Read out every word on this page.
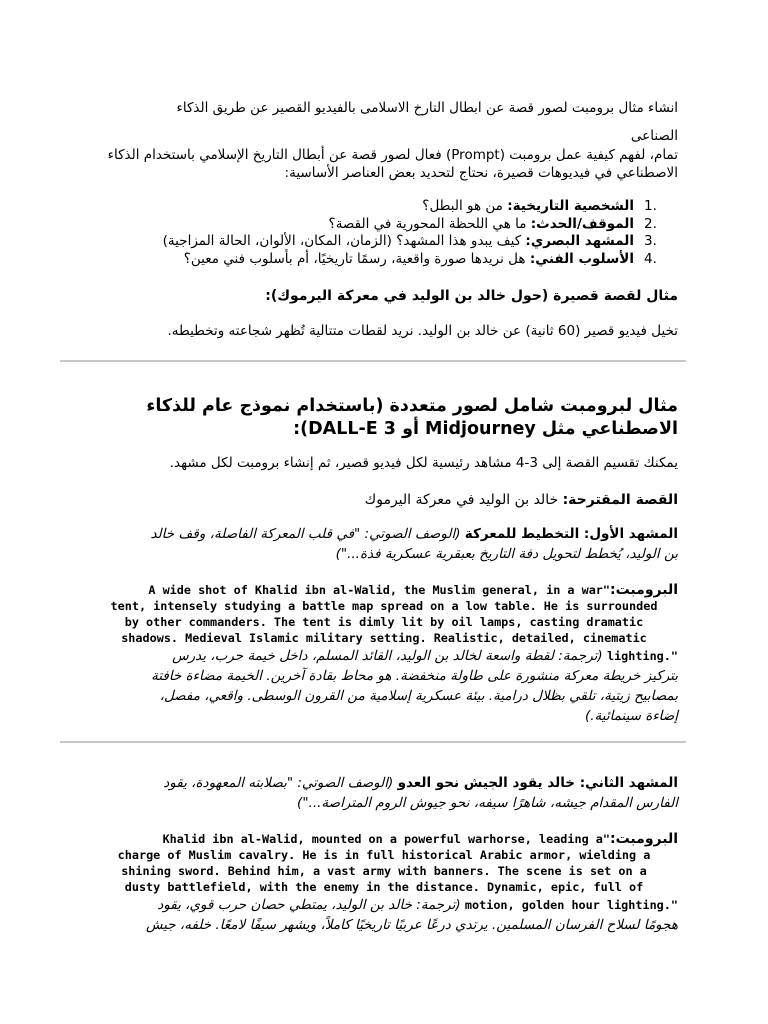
انشاء مثال برومبت لصور قصة عن ابطال التارخ الاسلامى بالفيديو القصير عن طريق الذكاء

الصناعى

تمام، لفهم كيفية عمل برومبت (Prompt) فعال لصور قصة عن أبطال التاريخ الإسلامي باستخدام الذكاء الاصطناعي في فيديوهات قصيرة، نحتاج لتحديد بعض العناصر الأساسية:

.1
الشخصية التاريخية: من هو البطل؟
.2
الموقف/الحدث: ما هي اللحظة المحورية في القصة؟
.3
المشهد البصري: كيف يبدو هذا المشهد؟ (الزمان، المكان، الألوان، الحالة المزاجية)
.4
الأسلوب الفني: هل نريدها صورة واقعية، رسمًا تاريخيًا، أم بأسلوب فني معين؟

مثال لقصة قصيرة (حول خالد بن الوليد في معركة اليرموك):

تخيل فيديو قصير (60 ثانية) عن خالد بن الوليد. نريد لقطات متتالية تُظهر شجاعته وتخطيطه.

مثال لبرومبت شامل لصور متعددة (باستخدام نموذج عام للذكاء

الاصطناعي مثل Midjourney أو DALL-E 3):

يمكنك تقسيم القصة إلى 3-4 مشاهد رئيسية لكل فيديو قصير، ثم إنشاء برومبت لكل مشهد.

القصة المقترحة: خالد بن الوليد في معركة اليرموك

المشهد الأول: التخطيط للمعركة (الوصف الصوتي: "في قلب المعركة الفاصلة، وقف خالد

بن الوليد، يُخطط لتحويل دفة التاريخ بعبقرية عسكرية فذة...")

البرومبت:A wide shot of Khalid ibn al-Walid, the Muslim general, in a war"

tent, intensely studying a battle map spread on a low table. He is surrounded

by other commanders. The tent is dimly lit by oil lamps, casting dramatic

shadows. Medieval Islamic military setting. Realistic, detailed, cinematic

lighting." (ترجمة: لقطة واسعة لخالد بن الوليد، القائد المسلم، داخل خيمة حرب، يدرس

بتركيز خريطة معركة منشورة على طاولة منخفضة. هو محاط بقادة آخرين. الخيمة مضاءة خافتة

بمصابيح زيتية، تلقي بظلال درامية. بيئة عسكرية إسلامية من القرون الوسطى. واقعي، مفصل،

إضاءة سينمائية.)

المشهد الثاني: خالد يقود الجيش نحو العدو (الوصف الصوتي: "بصلابته المعهودة، يقود

الفارس المقدام جيشه، شاهرًا سيفه، نحو جيوش الروم المتراصة...")

البرومبت:Khalid ibn al-Walid, mounted on a powerful warhorse, leading a"

charge of Muslim cavalry. He is in full historical Arabic armor, wielding a

shining sword. Behind him, a vast army with banners. The scene is set on a

dusty battlefield, with the enemy in the distance. Dynamic, epic, full of

motion, golden hour lighting." (ترجمة: خالد بن الوليد، يمتطي حصان حرب قوي، يقود

هجومًا لسلاح الفرسان المسلمين. يرتدي درعًا عربيًا تاريخيًا كاملاً، ويشهر سيفًا لامعًا. خلفه، جيش
